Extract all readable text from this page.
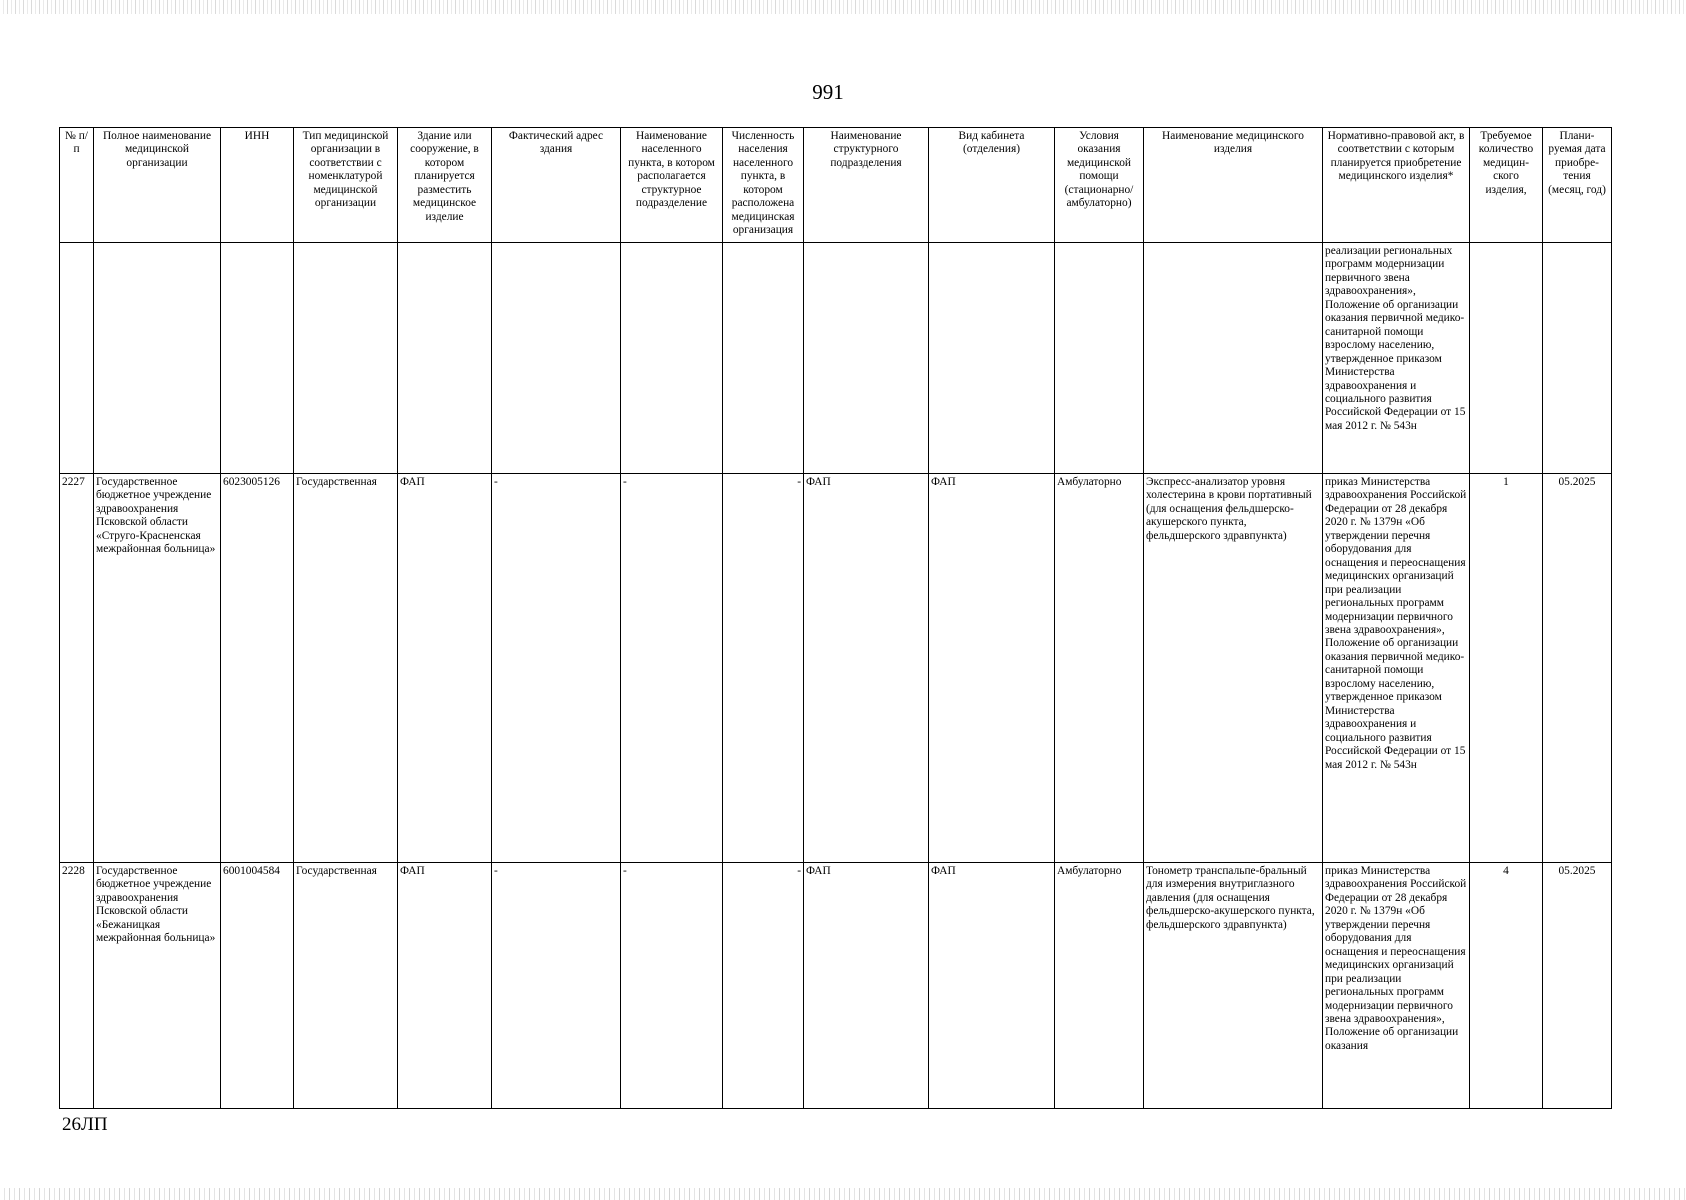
991
№ п/п	Полное наименование медицинской организации	ИНН	Тип медицинской организации в соответствии с номенклатурой медицинской организации	Здание или сооружение, в котором планируется разместить медицинское изделие	Фактический адрес здания	Наименование населенного пункта, в котором располагается структурное подразделение	Численность населения населенного пункта, в котором расположена медицинская организация	Наименование структурного подразделения	Вид кабинета (отделения)	Условия оказания медицинской помощи (стационарно/ амбулаторно)	Наименование медицинского изделия	Нормативно-правовой акт, в соответствии с которым планируется приобретение медицинского изделия*	Требуемое количество медицин-ского изделия,	Плани-руемая дата приобре-тения (месяц, год)
												реализации региональных программ модернизации первичного звена здравоохранения», Положение об организации оказания первичной медико-санитарной помощи взрослому населению, утвержденное приказом Министерства здравоохранения и социального развития Российской Федерации от 15 мая 2012 г. № 543н		
2227	Государственное бюджетное учреждение здравоохранения Псковской области «Струго-Красненская межрайонная больница»	6023005126	Государственная	ФАП	-	-	-	ФАП	ФАП	Амбулаторно	Экспресс-анализатор уровня холестерина в крови портативный (для оснащения фельдшерско-акушерского пункта, фельдшерского здравпункта)	приказ Министерства здравоохранения Российской Федерации от 28 декабря 2020 г. № 1379н «Об утверждении перечня оборудования для оснащения и переоснащения медицинских организаций при реализации региональных программ модернизации первичного звена здравоохранения», Положение об организации оказания первичной медико-санитарной помощи взрослому населению, утвержденное приказом Министерства здравоохранения и социального развития Российской Федерации от 15 мая 2012 г. № 543н	1	05.2025
2228	Государственное бюджетное учреждение здравоохранения Псковской области «Бежаницкая межрайонная больница»	6001004584	Государственная	ФАП	-	-	-	ФАП	ФАП	Амбулаторно	Тонометр транспальпе-бральный для измерения внутриглазного давления (для оснащения фельдшерско-акушерского пункта, фельдшерского здравпункта)	приказ Министерства здравоохранения Российской Федерации от 28 декабря 2020 г. № 1379н «Об утверждении перечня оборудования для оснащения и переоснащения медицинских организаций при реализации региональных программ модернизации первичного звена здравоохранения», Положение об организации оказания	4	05.2025
26ЛП
